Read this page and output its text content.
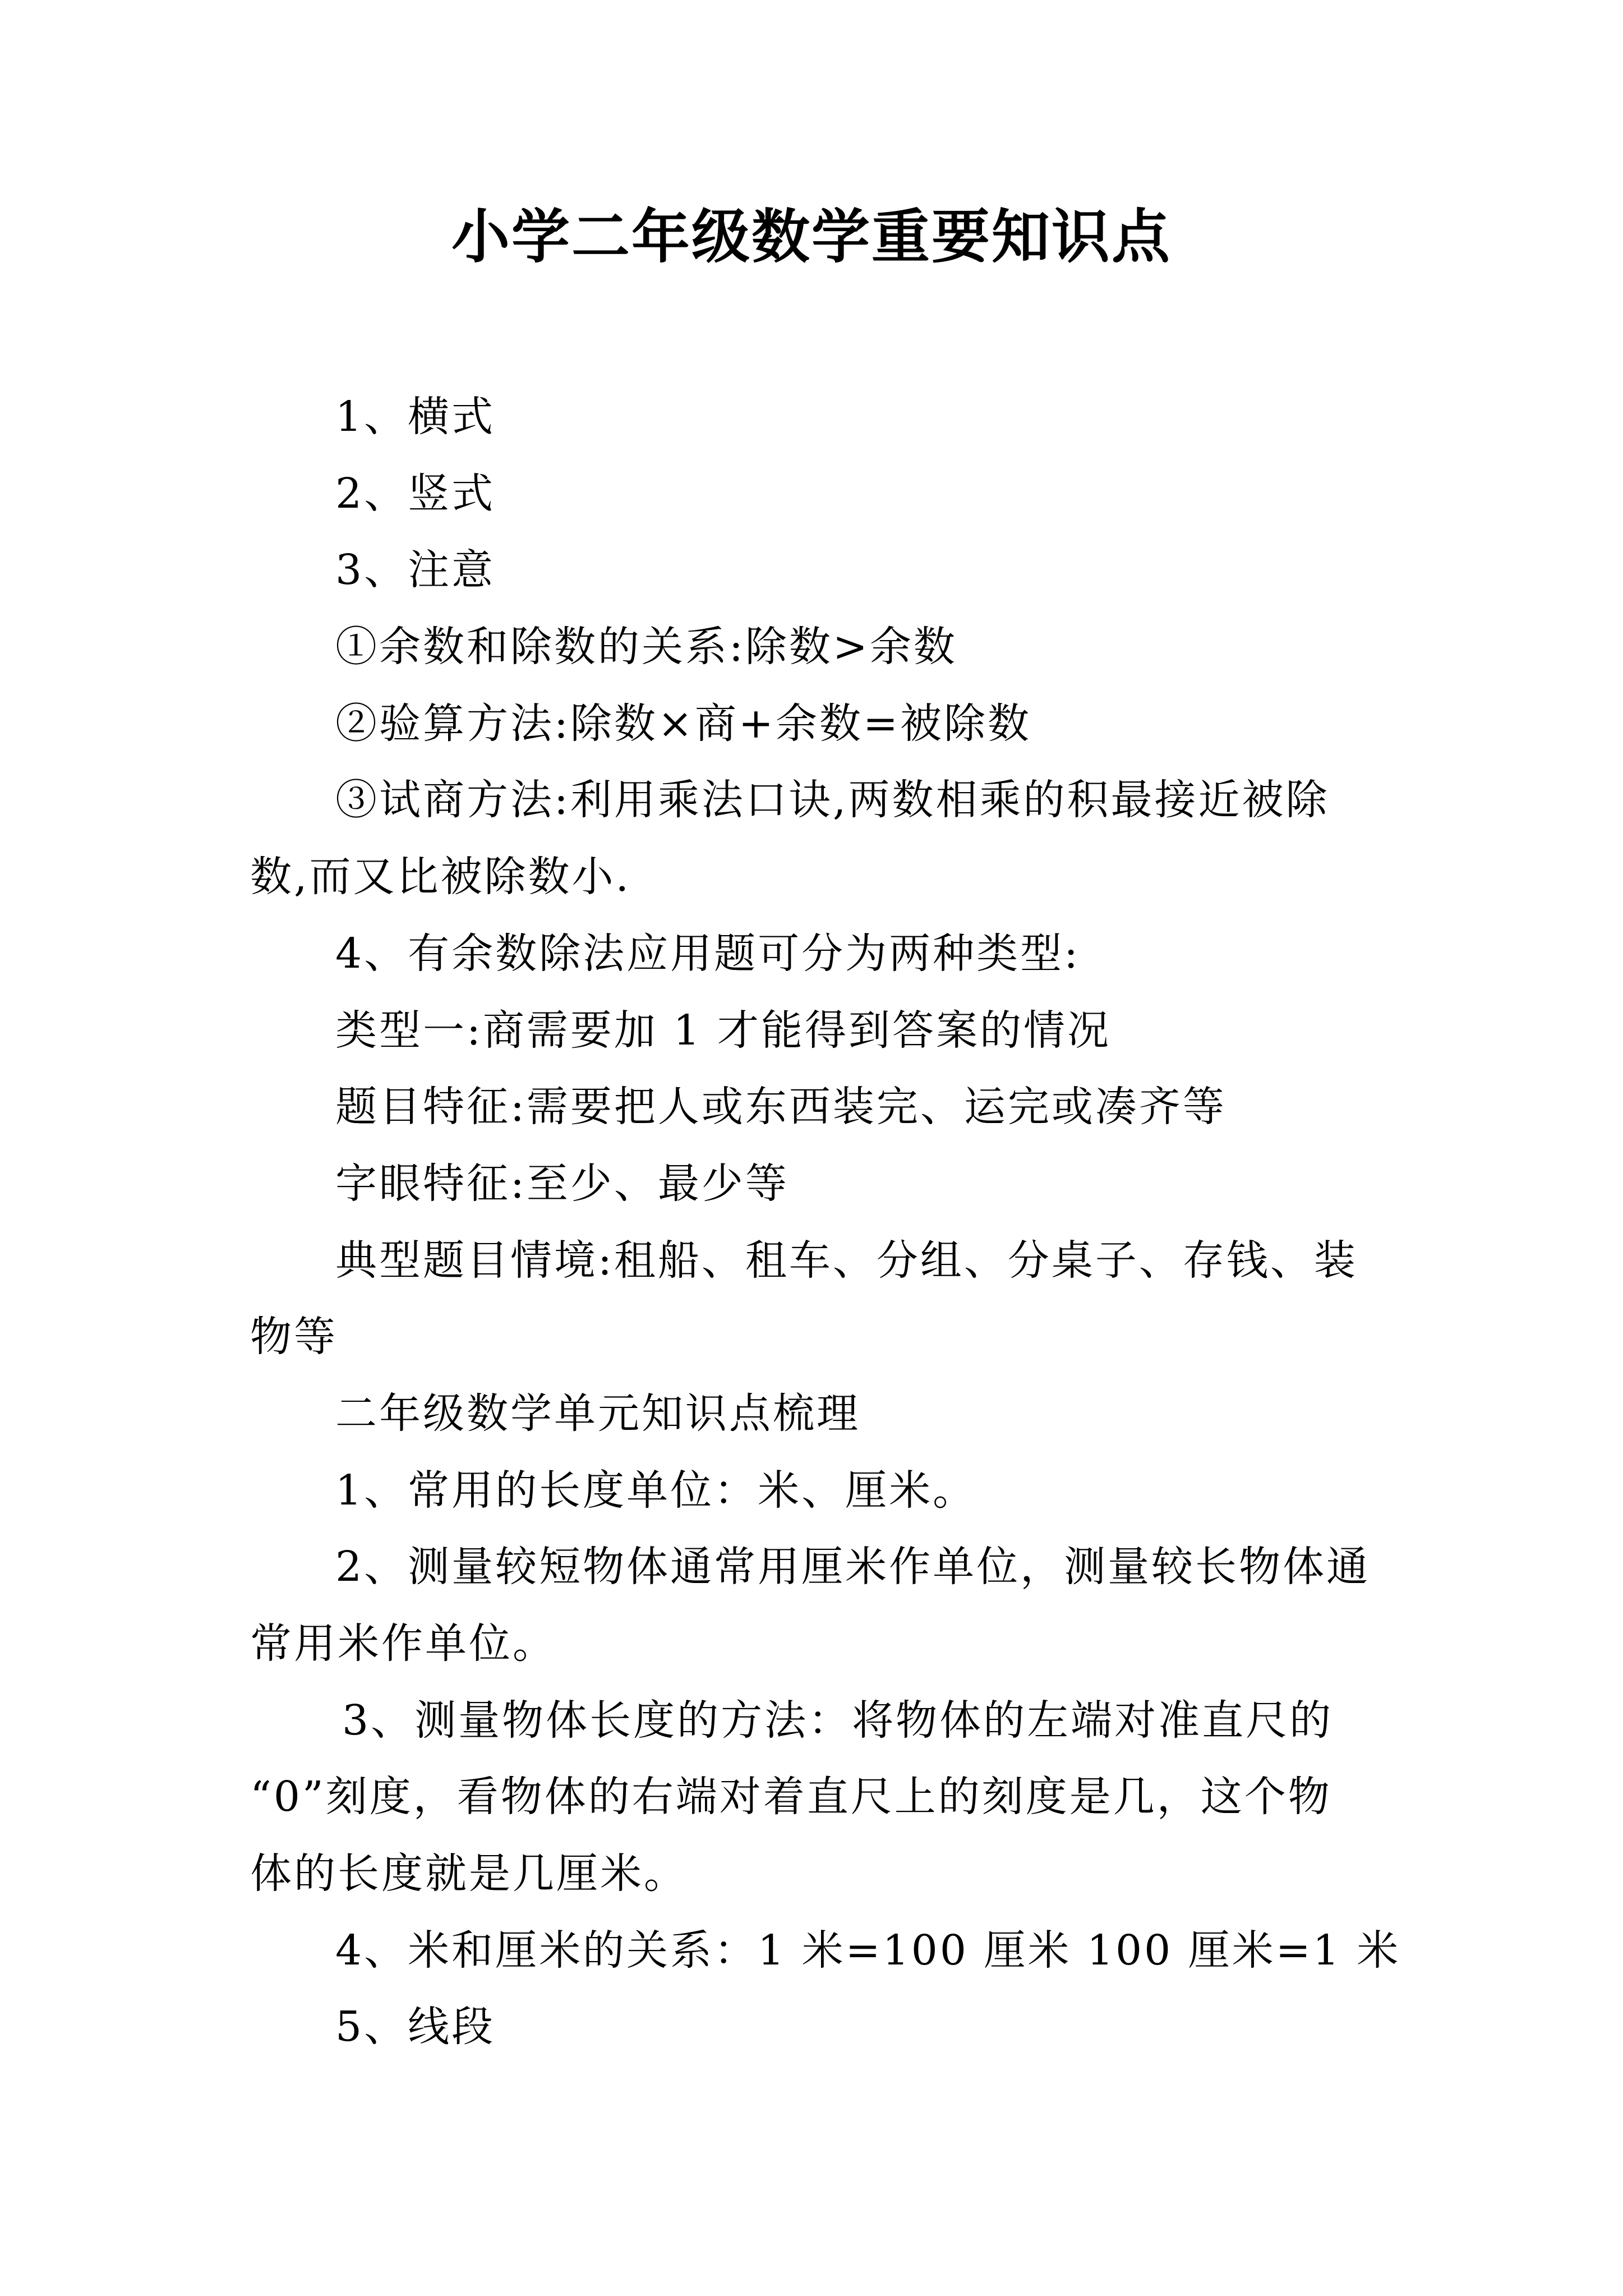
小学二年级数学重要知识点
1、横式
2、竖式
3、注意
①余数和除数的关系:除数>余数
②验算方法:除数×商+余数=被除数
③试商方法:利用乘法口诀,两数相乘的积最接近被除
数,而又比被除数小.
4、有余数除法应用题可分为两种类型:
类型一:商需要加 1 才能得到答案的情况
题目特征:需要把人或东西装完、运完或凑齐等
字眼特征:至少、最少等
典型题目情境:租船、租车、分组、分桌子、存钱、装
物等
二年级数学单元知识点梳理
1、常用的长度单位：米、厘米。
2、测量较短物体通常用厘米作单位，测量较长物体通
常用米作单位。
3、测量物体长度的方法：将物体的左端对准直尺的
“0”刻度，看物体的右端对着直尺上的刻度是几，这个物
体的长度就是几厘米。
4、米和厘米的关系：1 米=100 厘米 100 厘米=1 米
5、线段
